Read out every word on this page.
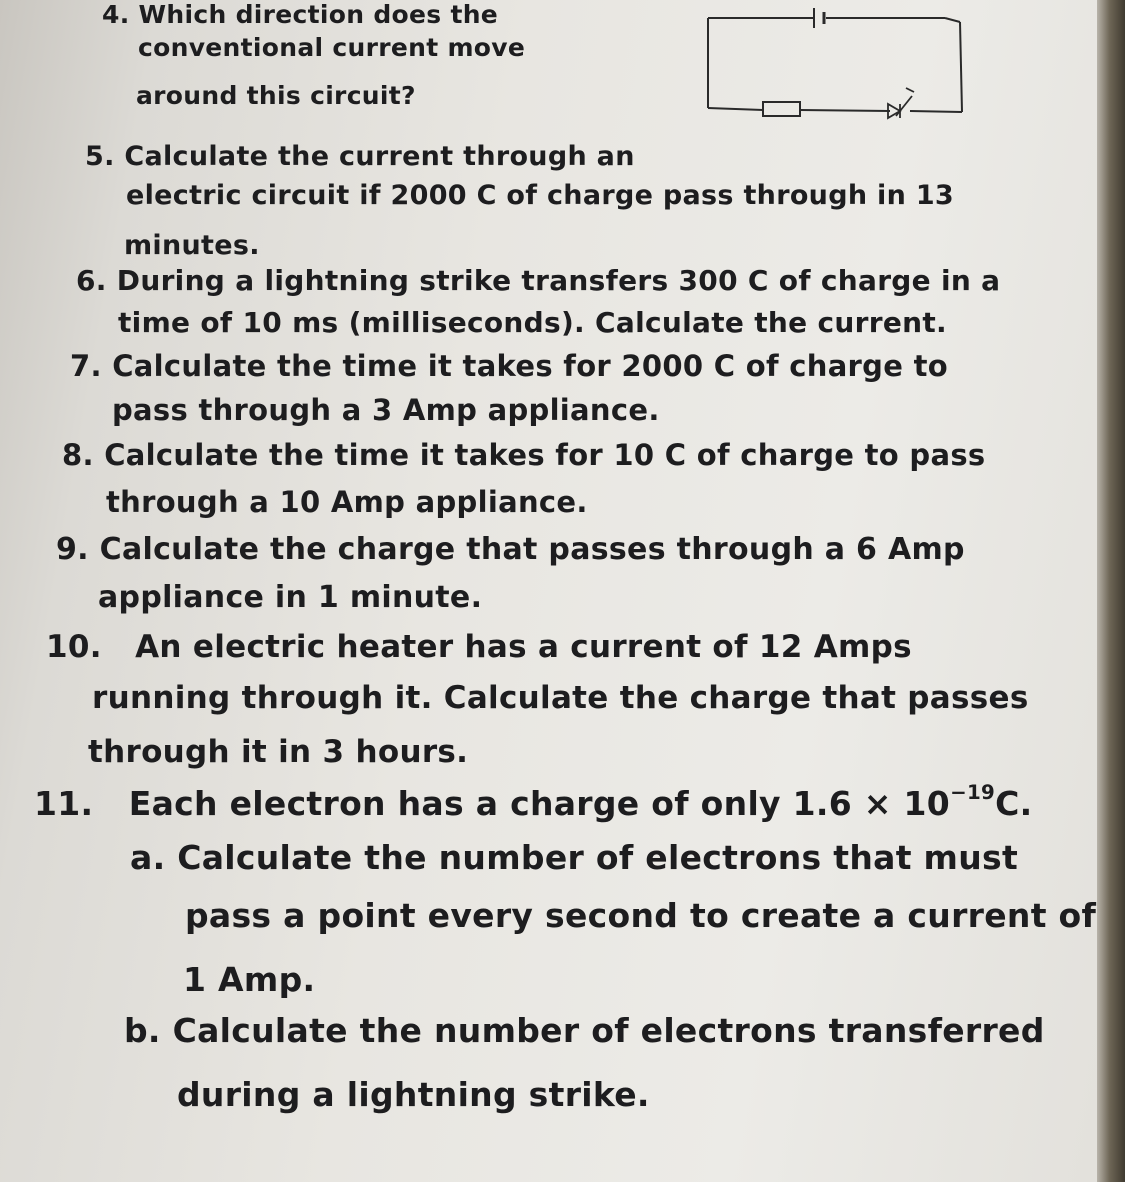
4. Which direction does the
conventional current move
around this circuit?
5. Calculate the current through an
electric circuit if 2000 C of charge pass through in 13
minutes.
6. During a lightning strike transfers 300 C of charge in a
time of 10 ms (milliseconds). Calculate the current.
7. Calculate the time it takes for 2000 C of charge to
pass through a 3 Amp appliance.
8. Calculate the time it takes for 10 C of charge to pass
through a 10 Amp appliance.
9. Calculate the charge that passes through a 6 Amp
appliance in 1 minute.
10. An electric heater has a current of 12 Amps
running through it. Calculate the charge that passes
through it in 3 hours.
11. Each electron has a charge of only $1.6 \times 10^{-19}C$.
a. Calculate the number of electrons that must
pass a point every second to create a current of
1 Amp.
b. Calculate the number of electrons transferred
during a lightning strike.
